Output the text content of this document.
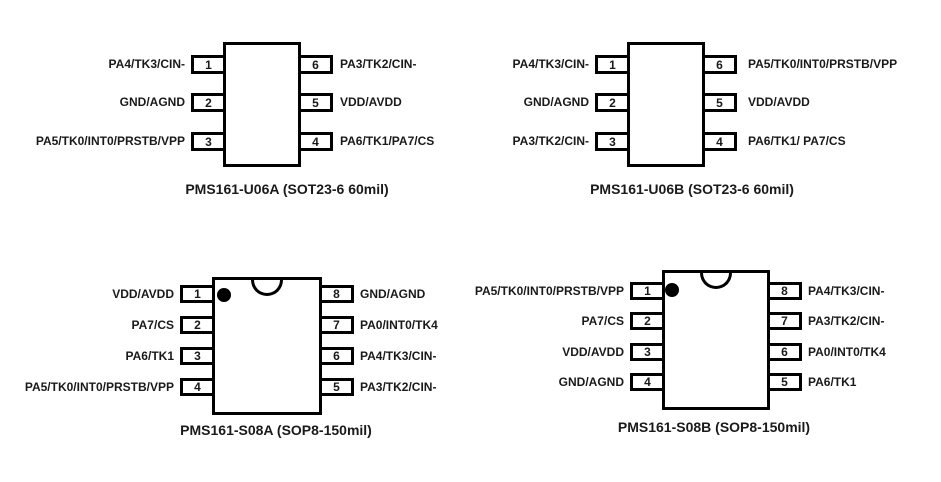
1
2
3
6
5
4
PA4/TK3/CIN-
GND/AGND
PA5/TK0/INT0/PRSTB/VPP
PA3/TK2/CIN-
VDD/AVDD
PA6/TK1/PA7/CS
PMS161-U06A (SOT23-6 60mil)
1
2
3
6
5
4
PA4/TK3/CIN-
GND/AGND
PA3/TK2/CIN-
PA5/TK0/INT0/PRSTB/VPP
VDD/AVDD
PA6/TK1/ PA7/CS
PMS161-U06B (SOT23-6 60mil)
1
2
3
4
8
7
6
5
VDD/AVDD
PA7/CS
PA6/TK1
PA5/TK0/INT0/PRSTB/VPP
GND/AGND
PA0/INT0/TK4
PA4/TK3/CIN-
PA3/TK2/CIN-
PMS161-S08A (SOP8-150mil)
1
2
3
4
8
7
6
5
PA5/TK0/INT0/PRSTB/VPP
PA7/CS
VDD/AVDD
GND/AGND
PA4/TK3/CIN-
PA3/TK2/CIN-
PA0/INT0/TK4
PA6/TK1
PMS161-S08B (SOP8-150mil)
